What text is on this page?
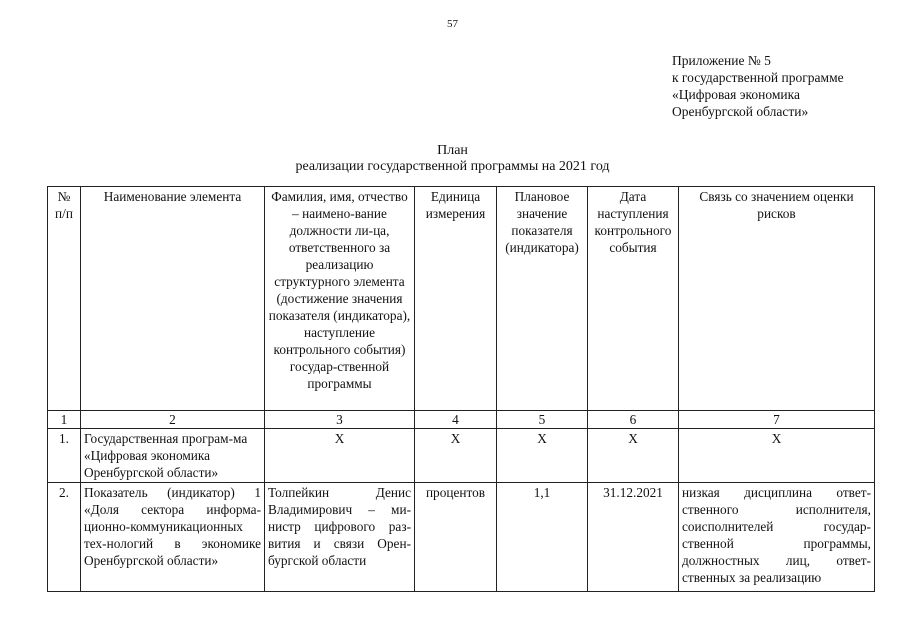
57
Приложение № 5
к государственной программе
«Цифровая экономика
Оренбургской области»
План
реализации государственной программы на 2021 год
№ п/п	Наименование элемента	Фамилия, имя, отчество – наимено-вание должности ли-ца, ответственного за реализацию структурного элемента (достижение значения показателя (индикатора), наступление контрольного события) государ-ственной программы	Единица измерения	Плановое значение показателя (индикатора)	Дата наступления контрольного события	Связь со значением оценки рисков
1	2	3	4	5	6	7
1.	Государственная програм-ма «Цифровая экономика Оренбургской области»	Х	Х	Х	Х	Х
2.	Показатель (индикатор) 1 «Доля сектора информа-ционно-коммуникационных тех-нологий в экономике Оренбургской области»	Толпейкин Денис Владимирович – ми-нистр цифрового раз-вития и связи Орен-бургской области	процентов	1,1	31.12.2021	низкая дисциплина ответ-ственного исполнителя, соисполнителей государ-ственной программы, должностных лиц, ответ-ственных за реализацию
